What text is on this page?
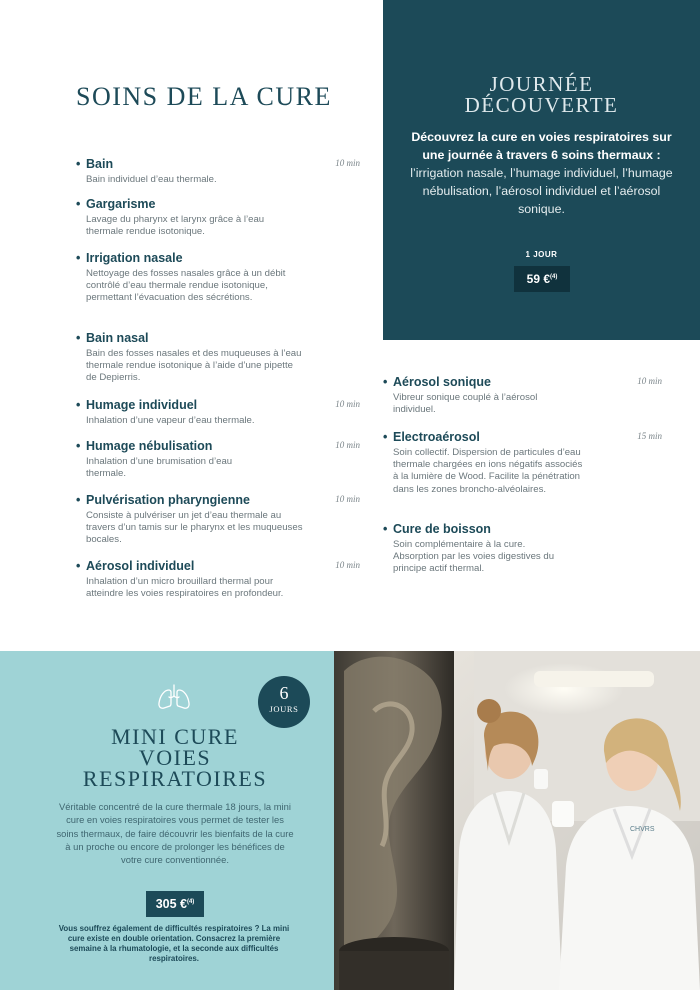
SOINS DE LA CURE
• Bain
Bain individuel d’eau thermale.
10 min
• Gargarisme
Lavage du pharynx et larynx grâce à l’eau thermale rendue isotonique.
• Irrigation nasale
Nettoyage des fosses nasales grâce à un débit contrôlé d’eau thermale rendue isotonique, permettant l’évacuation des sécrétions.
• Bain nasal
Bain des fosses nasales et des muqueuses à l’eau thermale rendue isotonique à l’aide d’une pipette de Depierris.
• Humage individuel
Inhalation d’une vapeur d’eau thermale.
10 min
• Humage nébulisation
Inhalation d’une brumisation d’eau thermale.
10 min
• Pulvérisation pharyngienne
Consiste à pulvériser un jet d’eau thermale au travers d’un tamis sur le pharynx et les muqueuses bocales.
10 min
• Aérosol individuel
Inhalation d’un micro brouillard thermal pour atteindre les voies respiratoires en profondeur.
10 min
JOURNÉE
DÉCOUVERTE

Découvrez la cure en voies respiratoires sur une journée à travers 6 soins thermaux : l’irrigation nasale, l’humage individuel, l’humage nébulisation, l’aérosol individuel et l’aérosol sonique.

1 JOUR
59 €$^{(4)}$
• Aérosol sonique
Vibreur sonique couplé à l’aérosol individuel.
10 min
• Electroaérosol
Soin collectif. Dispersion de particules d’eau thermale chargées en ions négatifs associés à la lumière de Wood. Facilite la pénétration dans les zones broncho-alvéolaires.
15 min
• Cure de boisson
Soin complémentaire à la cure. Absorption par les voies digestives du principe actif thermal.
6
JOURS
MINI CURE
VOIES
RESPIRATOIRES

Véritable concentré de la cure thermale 18 jours, la mini cure en voies respiratoires vous permet de tester les soins thermaux, de faire découvrir les bienfaits de la cure à un proche ou encore de prolonger les bénéfices de votre cure conventionnée.

305 €$^{(4)}$

Vous souffrez également de difficultés respiratoires ? La mini cure existe en double orientation. Consacrez la première semaine à la rhumatologie, et la seconde aux difficultés respiratoires.

CHVRS
